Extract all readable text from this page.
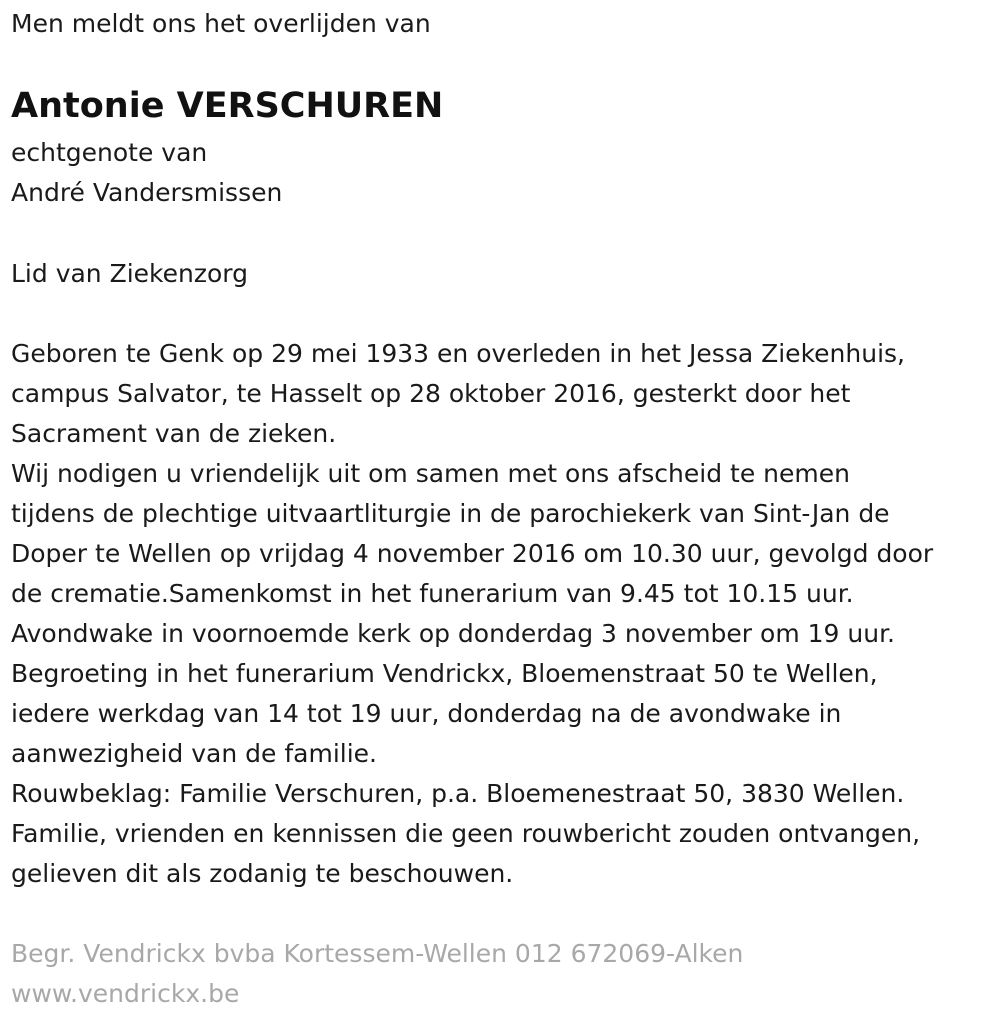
Men meldt ons het overlijden van
Antonie VERSCHUREN
echtgenote van
André Vandersmissen
Lid van Ziekenzorg
Geboren te Genk op 29 mei 1933 en overleden in het Jessa Ziekenhuis,
campus Salvator, te Hasselt op 28 oktober 2016, gesterkt door het
Sacrament van de zieken.
Wij nodigen u vriendelijk uit om samen met ons afscheid te nemen
tijdens de plechtige uitvaartliturgie in de parochiekerk van Sint-Jan de
Doper te Wellen op vrijdag 4 november 2016 om 10.30 uur, gevolgd door
de crematie.Samenkomst in het funerarium van 9.45 tot 10.15 uur.
Avondwake in voornoemde kerk op donderdag 3 november om 19 uur.
Begroeting in het funerarium Vendrickx, Bloemenstraat 50 te Wellen,
iedere werkdag van 14 tot 19 uur, donderdag na de avondwake in
aanwezigheid van de familie.
Rouwbeklag: Familie Verschuren, p.a. Bloemenestraat 50, 3830 Wellen.
Familie, vrienden en kennissen die geen rouwbericht zouden ontvangen,
gelieven dit als zodanig te beschouwen.
Begr. Vendrickx bvba Kortessem-Wellen 012 672069-Alken
www.vendrickx.be
